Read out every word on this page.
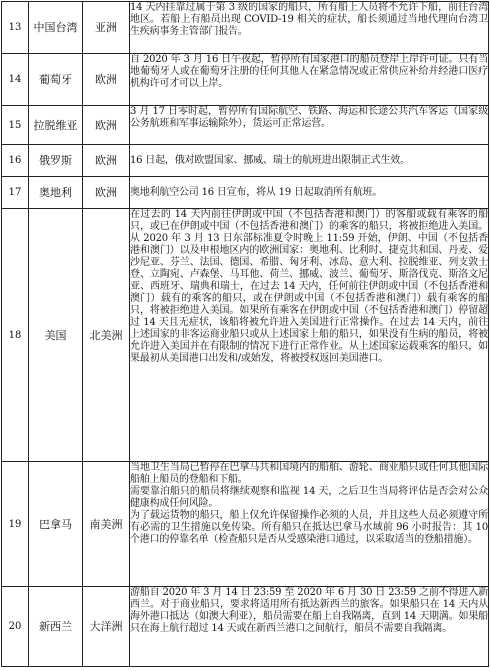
13	中国台湾	亚洲	14 天内挂靠过属于第 3 级的国家的船只，所有船上人员将不允许下船，前往台湾地区。若船上有船员出现 COVID-19 相关的症状，船长须通过当地代理向台湾卫生疾病事务主管部门报告。

14	葡萄牙	欧洲	自 2020 年 3 月 16 日午夜起，暂停所有国家港口的船员登岸上岸许可证。只有当地葡萄牙人或在葡萄牙注册的任何其他人在紧急情况或正常供应补给并经港口医疗机构许可才可以上岸。

15	拉脱维亚	欧洲	3 月 17 日零时起，暂停所有国际航空、铁路、海运和长途公共汽车客运（国家级公务航班和军事运输除外），货运可正常运营。

16	俄罗斯	欧洲	16 日起，俄对欧盟国家、挪威、瑞士的航班进出限制正式生效。

17	奥地利	欧洲	奥地利航空公司 16 日宣布，将从 19 日起取消所有航班。

18	美国	北美洲	在过去的 14 天内前往伊朗或中国（不包括香港和澳门）的客船或载有乘客的船只，或已在伊朗或中国（不包括香港和澳门）的乘客的船只，将被拒绝进入美国。从 2020 年 3 月 13 日东部标准夏令时晚上 11:59 开始，伊朗、中国（不包括香港和澳门）以及申根地区内的欧洲国家：奥地利、比利时、捷克共和国、丹麦、爱沙尼亚、芬兰、法国、德国、希腊、匈牙利、冰岛、意大利、拉脱维亚、列支敦士登、立陶宛、卢森堡、马耳他、荷兰、挪威、波兰、葡萄牙、斯洛伐克、斯洛文尼亚、西班牙、瑞典和瑞士，在过去 14 天内，任何前往伊朗或中国（不包括香港和澳门）载有的乘客的船只，或在伊朗或中国（不包括香港和澳门）载有乘客的船只，将被拒绝进入美国。如果所有乘客在伊朗或中国（不包括香港和澳门）停留超过 14 天且无症状，该船将被允许进入美国进行正常操作。在过去 14 天内，前往上述国家的非客运商业船只或从上述国家上船的船只，如果没有生病的船员，将被允许进入美国并在有限制的情况下进行正常作业。从上述国家运载乘客的船只，如果最初从美国港口出发和/或始发，将被授权返回美国港口。

19	巴拿马	南美洲	当地卫生当局已暂停在巴拿马共和国境内的船舶、游轮、商业船只或任何其他国际船舶上船员的登船和下船。
需要靠泊船只的船员将继续观察和监视 14 天，之后卫生当局将评估是否会对公众健康构成任何风险。
为了载运货物的船只，船上仅允许保留操作必须的人员，并且这些人员必须遵守所有必需的卫生措施以免传染。所有船只在抵达巴拿马水域前 96 小时报告：其 10 个港口的停靠名单（检查船只是否从受感染港口通过，以采取适当的登船措施）。

20	新西兰	大洋洲	游船自 2020 年 3 月 14 日 23:59 至 2020 年 6 月 30 日 23:59 之前不得进入新西兰。对于商业船只，要求将适用所有抵达新西兰的旅客。如果船只在 14 天内从海外港口抵达（如澳大利亚），船员需要在船上自我隔离，直到 14 天期满。如果船只在海上航行超过 14 天或在新西兰港口之间航行，船员不需要自我隔离。
